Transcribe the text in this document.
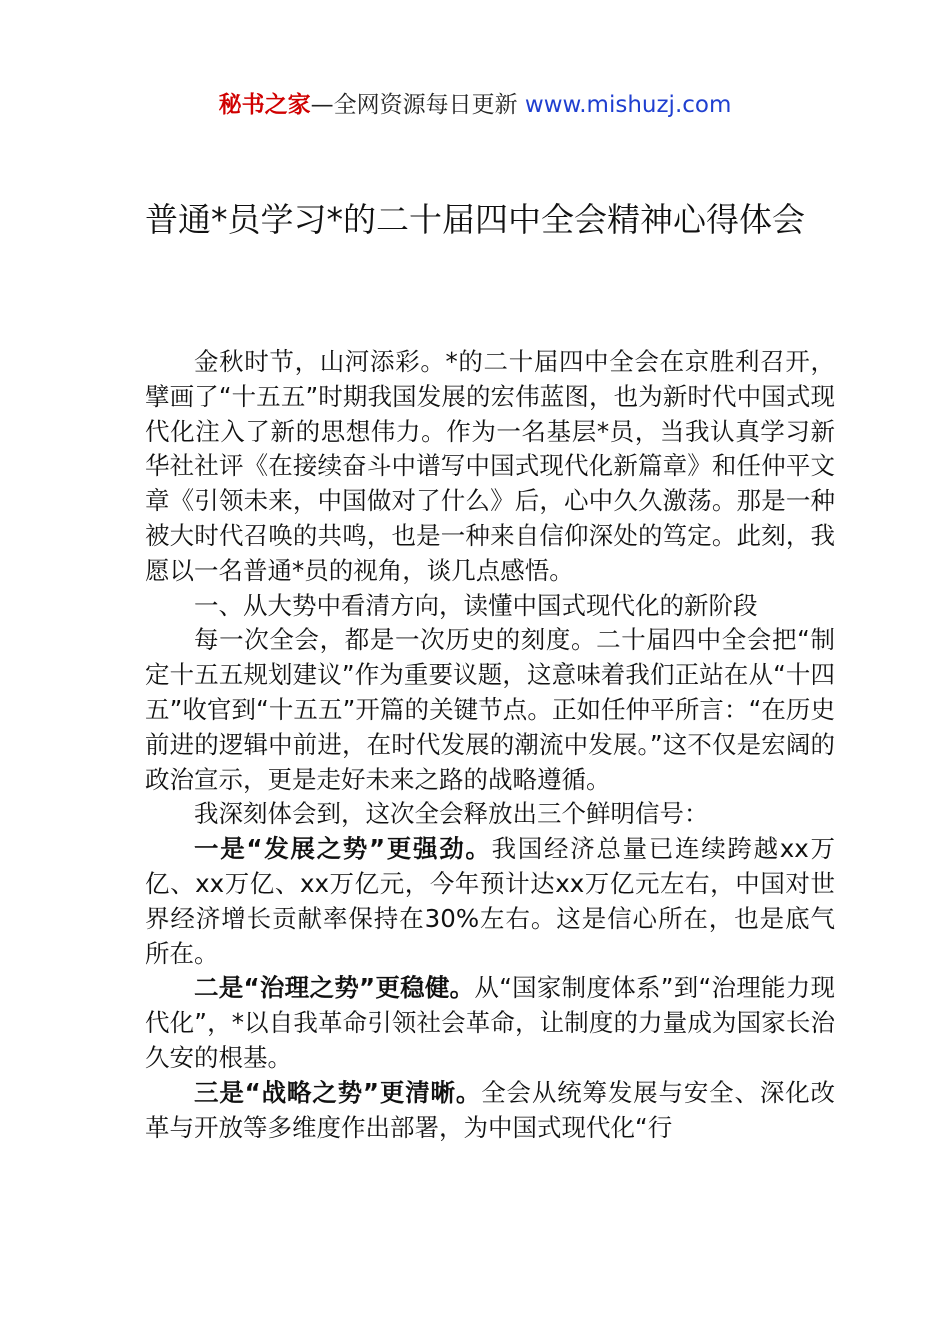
秘书之家—全网资源每日更新 www.mishuzj.com
普通*员学习*的二十届四中全会精神心得体会

金秋时节，山河添彩。*的二十届四中全会在京胜利召开，擘画了“十五五”时期我国发展的宏伟蓝图，也为新时代中国式现代化注入了新的思想伟力。作为一名基层*员，当我认真学习新华社社评《在接续奋斗中谱写中国式现代化新篇章》和任仲平文章《引领未来，中国做对了什么》后，心中久久激荡。那是一种被大时代召唤的共鸣，也是一种来自信仰深处的笃定。此刻，我愿以一名普通*员的视角，谈几点感悟。

一、从大势中看清方向，读懂中国式现代化的新阶段

每一次全会，都是一次历史的刻度。二十届四中全会把“制定十五五规划建议”作为重要议题，这意味着我们正站在从“十四五”收官到“十五五”开篇的关键节点。正如任仲平所言：“在历史前进的逻辑中前进，在时代发展的潮流中发展。”这不仅是宏阔的政治宣示，更是走好未来之路的战略遵循。

我深刻体会到，这次全会释放出三个鲜明信号：

一是“发展之势”更强劲。我国经济总量已连续跨越xx万亿、xx万亿、xx万亿元，今年预计达xx万亿元左右，中国对世界经济增长贡献率保持在30%左右。这是信心所在，也是底气所在。

二是“治理之势”更稳健。从“国家制度体系”到“治理能力现代化”，*以自我革命引领社会革命，让制度的力量成为国家长治久安的根基。

三是“战略之势”更清晰。全会从统筹发展与安全、深化改革与开放等多维度作出部署，为中国式现代化“行
